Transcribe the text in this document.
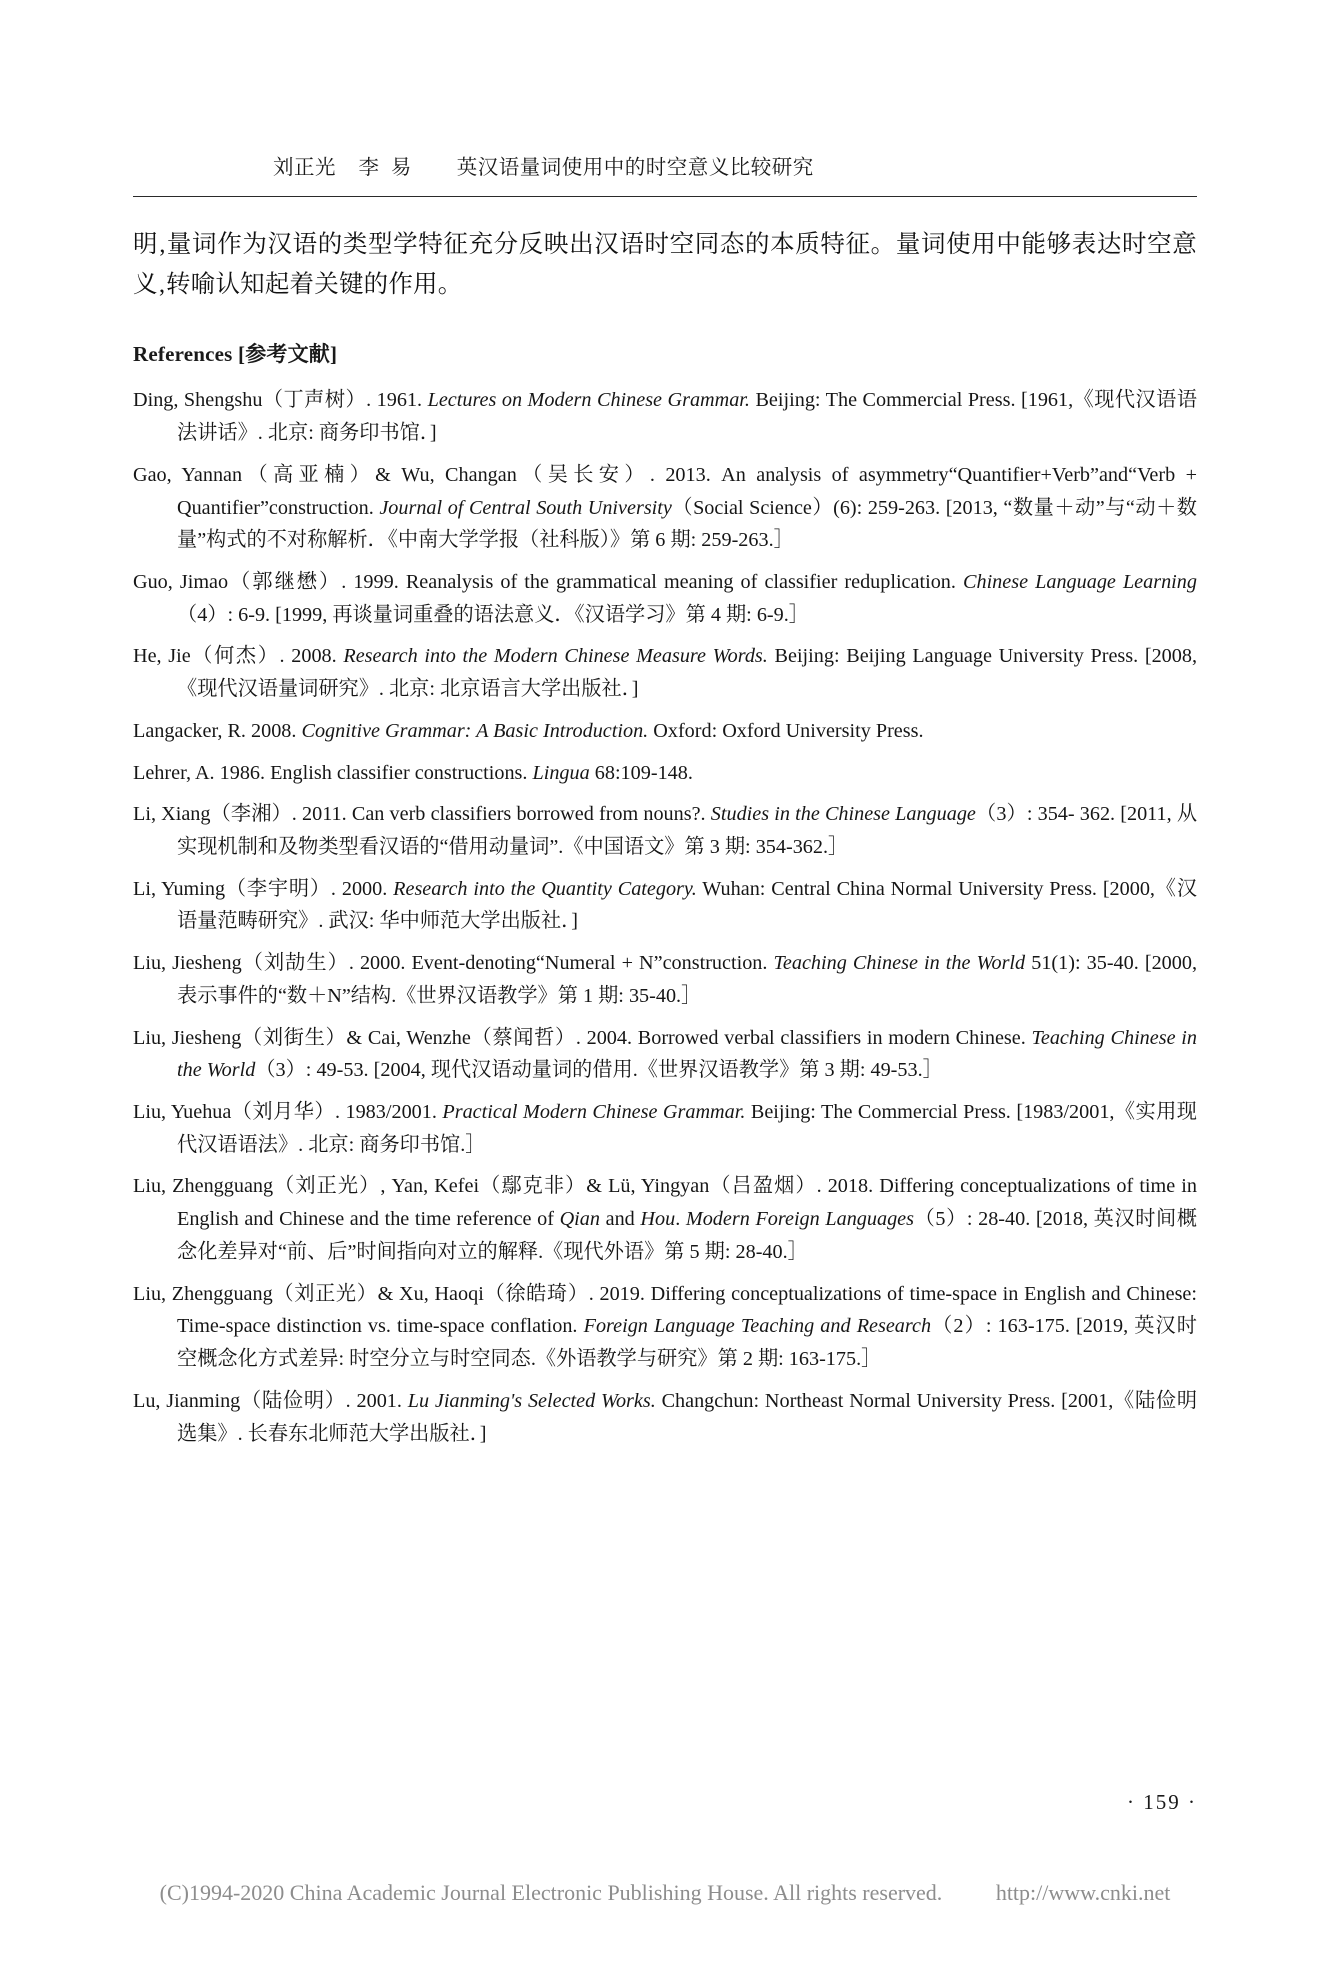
刘正光    李  易        英汉语量词使用中的时空意义比较研究
明‚量词作为汉语的类型学特征充分反映出汉语时空同态的本质特征。量词使用中能够表达时空意义‚转喻认知起着关键的作用。
References [参考文献]
Ding, Shengshu（丁声树）. 1961. Lectures on Modern Chinese Grammar. Beijing: The Commercial Press. [1961,《现代汉语语法讲话》. 北京: 商务印书馆．]
Gao, Yannan（高亚楠）& Wu, Changan（吴长安）. 2013. An analysis of asymmetry“Quantifier+Verb”and“Verb + Quantifier”construction. Journal of Central South University（Social Science）(6): 259-263. [2013, “数量＋动”与“动＋数量”构式的不对称解析．《中南大学学报（社科版）》第 6 期: 259-263.］
Guo, Jimao（郭继懋）. 1999. Reanalysis of the grammatical meaning of classifier reduplication. Chinese Language Learning（4）: 6-9. [1999, 再谈量词重叠的语法意义．《汉语学习》第 4 期: 6-9.］
He, Jie（何杰）. 2008. Research into the Modern Chinese Measure Words. Beijing: Beijing Language University Press. [2008,《现代汉语量词研究》. 北京: 北京语言大学出版社．]
Langacker, R. 2008. Cognitive Grammar: A Basic Introduction. Oxford: Oxford University Press.
Lehrer, A. 1986. English classifier constructions. Lingua 68:109-148.
Li, Xiang（李湘）. 2011. Can verb classifiers borrowed from nouns?. Studies in the Chinese Language（3）: 354- 362. [2011, 从实现机制和及物类型看汉语的“借用动量词”.《中国语文》第 3 期: 354-362.］
Li, Yuming（李宇明）. 2000. Research into the Quantity Category. Wuhan: Central China Normal University Press. [2000,《汉语量范畴研究》. 武汉: 华中师范大学出版社．]
Liu, Jiesheng（刘劼生）. 2000. Event-denoting“Numeral + N”construction. Teaching Chinese in the World 51(1): 35-40. [2000, 表示事件的“数＋N”结构.《世界汉语教学》第 1 期: 35-40.］
Liu, Jiesheng（刘街生）& Cai, Wenzhe（蔡闻哲）. 2004. Borrowed verbal classifiers in modern Chinese. Teaching Chinese in the World（3）: 49-53. [2004, 现代汉语动量词的借用.《世界汉语教学》第 3 期: 49-53.］
Liu, Yuehua（刘月华）. 1983/2001. Practical Modern Chinese Grammar. Beijing: The Commercial Press. [1983/2001,《实用现代汉语语法》. 北京: 商务印书馆.］
Liu, Zhengguang（刘正光）, Yan, Kefei（鄢克非）& Lü, Yingyan（吕盈烟）. 2018. Differing conceptualizations of time in English and Chinese and the time reference of Qian and Hou. Modern Foreign Languages（5）: 28-40. [2018, 英汉时间概念化差异对“前、后”时间指向对立的解释.《现代外语》第 5 期: 28-40.］
Liu, Zhengguang（刘正光）& Xu, Haoqi（徐皓琦）. 2019. Differing conceptualizations of time-space in English and Chinese: Time-space distinction vs. time-space conflation. Foreign Language Teaching and Research（2）: 163-175. [2019, 英汉时空概念化方式差异: 时空分立与时空同态.《外语教学与研究》第 2 期: 163-175.］
Lu, Jianming（陆俭明）. 2001. Lu Jianming's Selected Works. Changchun: Northeast Normal University Press. [2001,《陆俭明选集》. 长春东北师范大学出版社．]
· 159 ·
(C)1994-2020 China Academic Journal Electronic Publishing House. All rights reserved. http://www.cnki.net
